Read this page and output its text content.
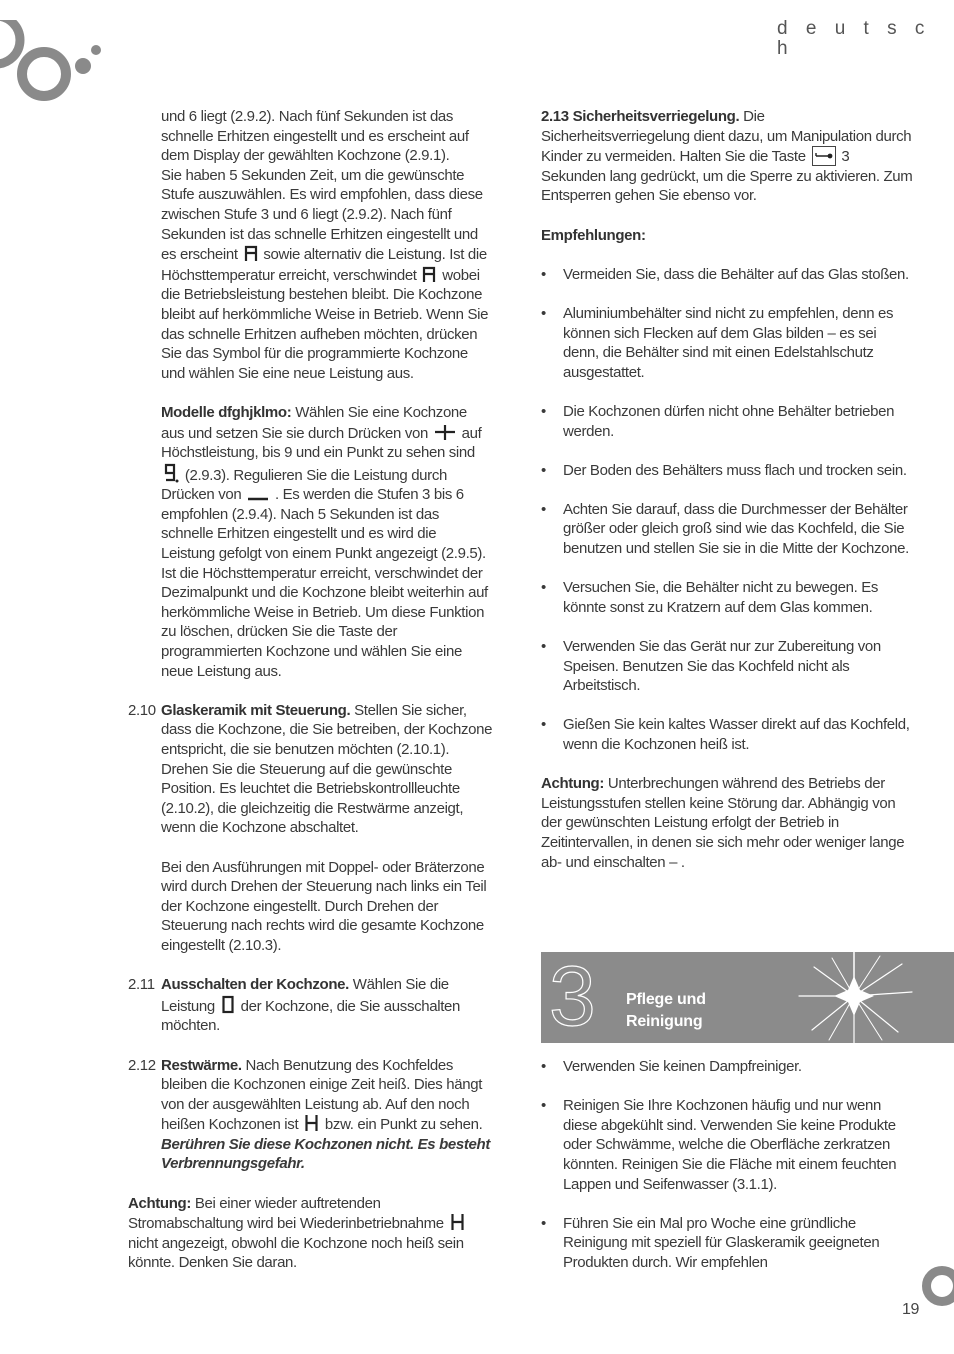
d e u t s c h

und 6 liegt (2.9.2). Nach fünf Sekunden ist das schnelle Erhitzen eingestellt und es erscheint auf dem Display der gewählten Kochzone (2.9.1).

Sie haben 5 Sekunden Zeit, um die gewünschte Stufe auszuwählen. Es wird empfohlen, dass diese zwischen Stufe 3 und 6 liegt (2.9.2). Nach fünf Sekunden ist das schnelle Erhitzen eingestellt und es erscheint sowie alternativ die Leistung. Ist die Höchsttemperatur erreicht, verschwindet wobei die Betriebsleistung bestehen bleibt. Die Kochzone bleibt auf herkömmliche Weise in Betrieb. Wenn Sie das schnelle Erhitzen aufheben möchten, drücken Sie das Symbol für die programmierte Kochzone und wählen Sie eine neue Leistung aus.

Modelle dfghjklmo: Wählen Sie eine Kochzone aus und setzen Sie sie durch Drücken von auf Höchstleistung, bis 9 und ein Punkt zu sehen sind  (2.9.3). Regulieren Sie die Leistung durch Drücken von . Es werden die Stufen 3 bis 6 empfohlen (2.9.4). Nach 5 Sekunden ist das schnelle Erhitzen eingestellt und es wird die Leistung gefolgt von einem Punkt angezeigt (2.9.5). Ist die Höchsttemperatur erreicht, verschwindet der Dezimalpunkt und die Kochzone bleibt weiterhin auf herkömmliche Weise in Betrieb. Um diese Funktion zu löschen, drücken Sie die Taste der programmierten Kochzone und wählen Sie eine neue Leistung aus.

2.10 Glaskeramik mit Steuerung. Stellen Sie sicher, dass die Kochzone, die Sie betreiben, der Kochzone entspricht, die sie benutzen möchten (2.10.1). Drehen Sie die Steuerung auf die gewünschte Position. Es leuchtet die Betriebskontrollleuchte (2.10.2), die gleichzeitig die Restwärme anzeigt, wenn die Kochzone abschaltet.

Bei den Ausführungen mit Doppel- oder Bräterzone wird durch Drehen der Steuerung nach links ein Teil der Kochzone eingestellt. Durch Drehen der Steuerung nach rechts wird die gesamte Kochzone eingestellt (2.10.3).

2.11 Ausschalten der Kochzone. Wählen Sie die Leistung der Kochzone, die Sie ausschalten möchten.

2.12 Restwärme. Nach Benutzung des Kochfeldes bleiben die Kochzonen einige Zeit heiß. Dies hängt von der ausgewählten Leistung ab. Auf den noch heißen Kochzonen ist bzw. ein Punkt zu sehen. Berühren Sie diese Kochzonen nicht. Es besteht Verbrennungsgefahr.

Achtung: Bei einer wieder auftretenden Stromabschaltung wird bei Wiederinbetriebnahme  nicht angezeigt, obwohl die Kochzone noch heiß sein könnte. Denken Sie daran.

2.13 Sicherheitsverriegelung. Die Sicherheitsverriegelung dient dazu, um Manipulation durch Kinder zu vermeiden. Halten Sie die Taste 3 Sekunden lang gedrückt, um die Sperre zu aktivieren. Zum Entsperren gehen Sie ebenso vor.

Empfehlungen:

• Vermeiden Sie, dass die Behälter auf das Glas stoßen.
• Aluminiumbehälter sind nicht zu empfehlen, denn es können sich Flecken auf dem Glas bilden – es sei denn, die Behälter sind mit einen Edelstahlschutz ausgestattet.
• Die Kochzonen dürfen nicht ohne Behälter betrieben werden.
• Der Boden des Behälters muss flach und trocken sein.
• Achten Sie darauf, dass die Durchmesser der Behälter größer oder gleich groß sind wie das Kochfeld, die Sie benutzen und stellen Sie sie in die Mitte der Kochzone.
• Versuchen Sie, die Behälter nicht zu bewegen. Es könnte sonst zu Kratzern auf dem Glas kommen.
• Verwenden Sie das Gerät nur zur Zubereitung von Speisen. Benutzen Sie das Kochfeld nicht als Arbeitstisch.
• Gießen Sie kein kaltes Wasser direkt auf das Kochfeld, wenn die Kochzonen heiß ist.

Achtung: Unterbrechungen während des Betriebs der Leistungsstufen stellen keine Störung dar. Abhängig von der gewünschten Leistung erfolgt der Betrieb in Zeitintervallen, in denen sie sich mehr oder weniger lange ab- und einschalten – .

3 Pflege und Reinigung
• Verwenden Sie keinen Dampfreiniger.
• Reinigen Sie Ihre Kochzonen häufig und nur wenn diese abgekühlt sind. Verwenden Sie keine Produkte oder Schwämme, welche die Oberfläche zerkratzen könnten. Reinigen Sie die Fläche mit einem feuchten Lappen und Seifenwasser (3.1.1).
• Führen Sie ein Mal pro Woche eine gründliche Reinigung mit speziell für Glaskeramik geeigneten Produkten durch. Wir empfehlen
19
